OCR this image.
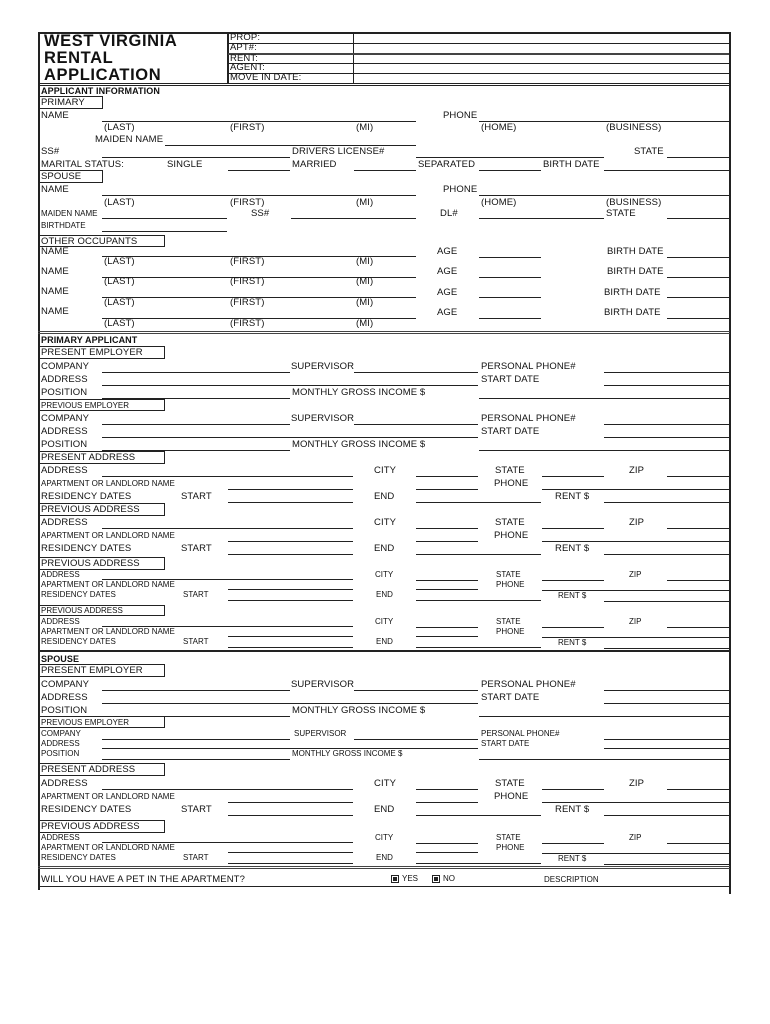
WEST VIRGINIA
RENTAL
APPLICATION
PROP:
APT#:
RENT:
AGENT:
MOVE IN DATE:
APPLICANT INFORMATION
PRIMARY
NAME	PHONE
(LAST)	(FIRST)	(MI)	(HOME)	(BUSINESS)
MAIDEN NAME
SS#	DRIVERS LICENSE#	STATE
MARITAL STATUS:	SINGLE	MARRIED	SEPARATED	BIRTH DATE
SPOUSE
NAME	PHONE
(LAST)	(FIRST)	(MI)	(HOME)	(BUSINESS)
MAIDEN NAME	SS#	DL#	STATE
BIRTHDATE
OTHER OCCUPANTS
NAME	AGE	BIRTH DATE
(LAST)	(FIRST)	(MI)
NAME	AGE	BIRTH DATE
(LAST)	(FIRST)	(MI)
NAME	AGE	BIRTH DATE
(LAST)	(FIRST)	(MI)
NAME	AGE	BIRTH DATE
(LAST)	(FIRST)	(MI)
PRIMARY APPLICANT
PRESENT EMPLOYER
COMPANY	SUPERVISOR	PERSONAL PHONE#
ADDRESS	START DATE
POSITION	MONTHLY GROSS INCOME $
PREVIOUS EMPLOYER
COMPANY	SUPERVISOR	PERSONAL PHONE#
ADDRESS	START DATE
POSITION	MONTHLY GROSS INCOME $
PRESENT ADDRESS
ADDRESS	CITY	STATE	ZIP
APARTMENT OR LANDLORD NAME	PHONE
RESIDENCY DATES	START	END	RENT $
PREVIOUS ADDRESS
ADDRESS	CITY	STATE	ZIP
APARTMENT OR LANDLORD NAME	PHONE
RESIDENCY DATES	START	END	RENT $
PREVIOUS ADDRESS
ADDRESS	CITY	STATE	ZIP
APARTMENT OR LANDLORD NAME	PHONE
RESIDENCY DATES	START	END	RENT $
PREVIOUS ADDRESS
ADDRESS	CITY	STATE	ZIP
APARTMENT OR LANDLORD NAME	PHONE
RESIDENCY DATES	START	END	RENT $
SPOUSE
PRESENT EMPLOYER
COMPANY	SUPERVISOR	PERSONAL PHONE#
ADDRESS	START DATE
POSITION	MONTHLY GROSS INCOME $
PREVIOUS EMPLOYER
COMPANY	SUPERVISOR	PERSONAL PHONE#
ADDRESS	START DATE
POSITION	MONTHLY GROSS INCOME $
PRESENT ADDRESS
ADDRESS	CITY	STATE	ZIP
APARTMENT OR LANDLORD NAME	PHONE
RESIDENCY DATES	START	END	RENT $
PREVIOUS ADDRESS
ADDRESS	CITY	STATE	ZIP
APARTMENT OR LANDLORD NAME	PHONE
RESIDENCY DATES	START	END	RENT $
WILL YOU HAVE A PET IN THE APARTMENT?	YES	NO	DESCRIPTION
